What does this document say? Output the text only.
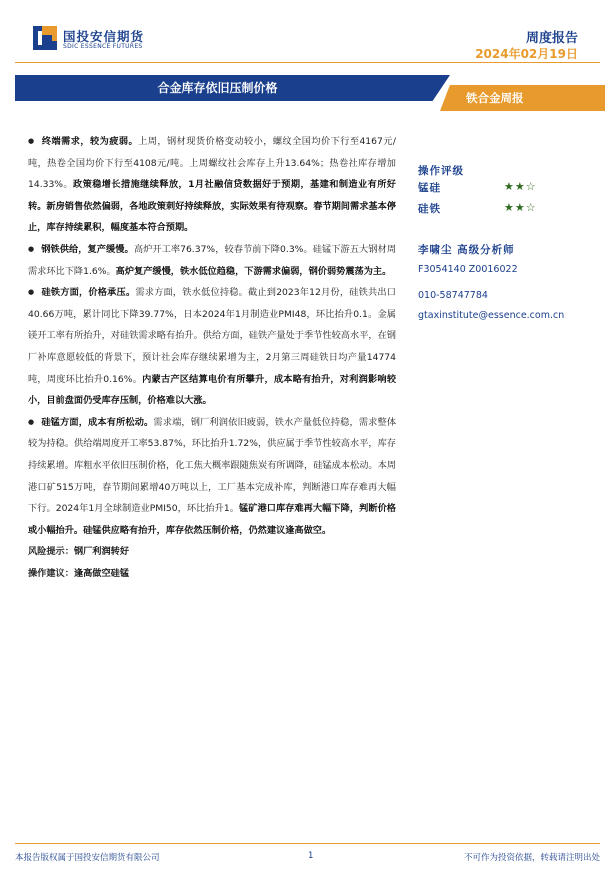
国投安信期货
SDIC ESSENCE FUTURES
周度报告
2024年02月19日
合金库存依旧压制价格
铁合金周报

● 终端需求，较为疲弱。上周，钢材现货价格变动较小，螺纹全国均价下行至4167元/吨，热卷全国均价下行至4108元/吨。上周螺纹社会库存上升13.64%；热卷社库存增加14.33%。政策稳增长措施继续释放，1月社融信贷数据好于预期，基建和制造业有所好转。新房销售依然偏弱，各地政策刺好持续释放，实际效果有待观察。春节期间需求基本停止，库存持续累积，幅度基本符合预期。

● 钢铁供给，复产缓慢。高炉开工率76.37%，较春节前下降0.3%。硅锰下游五大钢材周需求环比下降1.6%。高炉复产缓慢，铁水低位趋稳，下游需求偏弱，钢价弱势震荡为主。

● 硅铁方面，价格承压。需求方面，铁水低位持稳。截止到2023年12月份，硅铁共出口40.66万吨，累计同比下降39.77%，日本2024年1月制造业PMI48，环比抬升0.1。金属镁开工率有所抬升，对硅铁需求略有抬升。供给方面，硅铁产量处于季节性较高水平，在钢厂补库意愿较低的背景下，预计社会库存继续累增为主，2月第三周硅铁日均产量14774吨，周度环比抬升0.16%。内蒙古产区结算电价有所攀升，成本略有抬升，对利润影响较小，目前盘面仍受库存压制，价格难以大涨。

● 硅锰方面，成本有所松动。需求端，钢厂利润依旧疲弱，铁水产量低位持稳，需求整体较为持稳。供给端周度开工率53.87%，环比抬升1.72%，供应属于季节性较高水平，库存持续累增。库粗水平依旧压制价格，化工焦大概率跟随焦炭有所调降，硅锰成本松动。本周港口矿515万吨，春节期间累增40万吨以上，工厂基本完成补库，判断港口库存难再大幅下行。2024年1月全球制造业PMI50，环比抬升1。锰矿港口库存难再大幅下降，判断价格或小幅抬升。硅锰供应略有抬升，库存依然压制价格，仍然建议逢高做空。

风险提示：钢厂利润转好

操作建议：逢高做空硅锰

操作评级
锰硅	★★☆
硅铁	★★☆
李啸尘 高级分析师
F3054140 Z0016022
010-58747784
gtaxinstitute@essence.com.cn
本报告版权属于国投安信期货有限公司	1	不可作为投资依据，转载请注明出处
